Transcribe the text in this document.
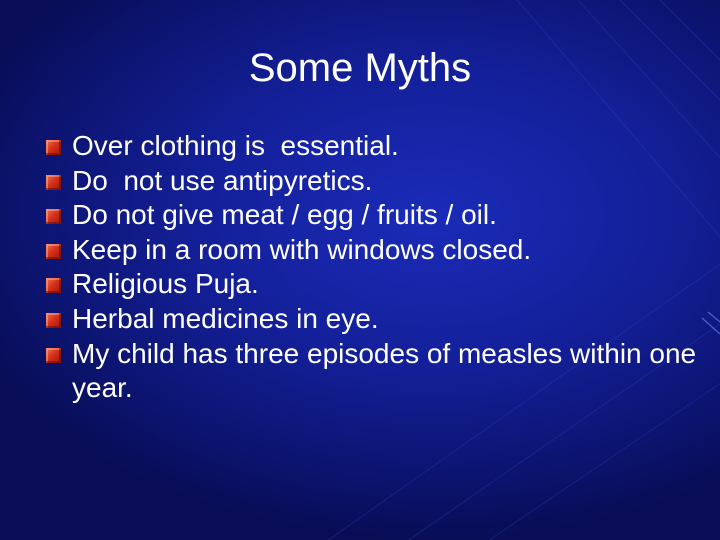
Some Myths
Over clothing is  essential.
Do  not use antipyretics.
Do not give meat / egg / fruits / oil.
Keep in a room with windows closed.
Religious Puja.
Herbal medicines in eye.
My child has three episodes of measles within one year.
